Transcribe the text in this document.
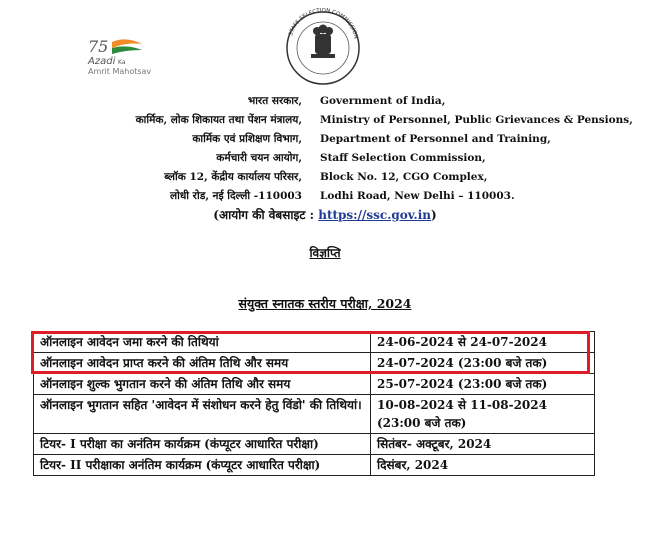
75
Azadi Ka
Amrit Mahotsav
STAFF SELECTION COMMISSION
भारत सरकार,
कार्मिक, लोक शिकायत तथा पेंशन मंत्रालय,
कार्मिक एवं प्रशिक्षण विभाग,
कर्मचारी चयन आयोग,
ब्लॉक 12, केंद्रीय कार्यालय परिसर,
लोधी रोड, नई दिल्ली -110003
Government of India,
Ministry of Personnel, Public Grievances & Pensions,
Department of Personnel and Training,
Staff Selection Commission,
Block No. 12, CGO Complex,
Lodhi Road, New Delhi – 110003.
(आयोग की वेबसाइट : https://ssc.gov.in)
विज्ञप्ति
संयुक्त स्नातक स्तरीय परीक्षा, 2024
ऑनलाइन आवेदन जमा करने की तिथियां	24-06-2024 से 24-07-2024
ऑनलाइन आवेदन प्राप्त करने की अंतिम तिथि और समय	24-07-2024 (23:00 बजे तक)
ऑनलाइन शुल्क भुगतान करने की अंतिम तिथि और समय	25-07-2024 (23:00 बजे तक)
ऑनलाइन भुगतान सहित 'आवेदन में संशोधन करने हेतु विंडो' की तिथियां।	10-08-2024 से 11-08-2024 (23:00 बजे तक)
टियर- I परीक्षा का अनंतिम कार्यक्रम (कंप्यूटर आधारित परीक्षा)	सितंबर- अक्टूबर, 2024
टियर- II परीक्षाका अनंतिम कार्यक्रम (कंप्यूटर आधारित परीक्षा)	दिसंबर, 2024
